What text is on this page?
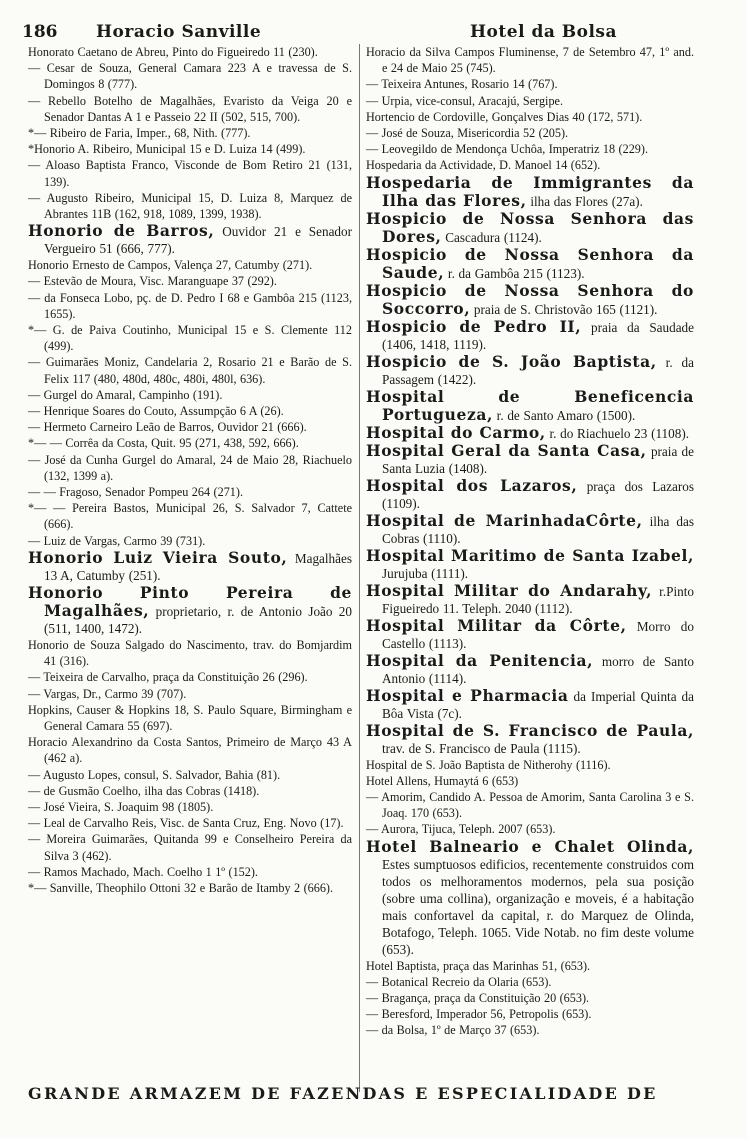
186 Horacio Sanville	Hotel da Bolsa

Honorato Caetano de Abreu, Pinto do Figueiredo 11 (230).

— Cesar de Souza, General Camara 223 A e travessa de S. Domingos 8 (777).

— Rebello Botelho de Magalhães, Evaristo da Veiga 20 e Senador Dantas A 1 e Passeio 22 II (502, 515, 700).

*— Ribeiro de Faria, Imper., 68, Nith. (777).

*Honorio A. Ribeiro, Municipal 15 e D. Luiza 14 (499).

— Aloaso Baptista Franco, Visconde de Bom Retiro 21 (131, 139).

— Augusto Ribeiro, Municipal 15, D. Luiza 8, Marquez de Abrantes 11B (162, 918, 1089, 1399, 1938).

Honorio de Barros, Ouvidor 21 e Senador Vergueiro 51 (666, 777).

Honorio Ernesto de Campos, Valença 27, Catumby (271).

— Estevão de Moura, Visc. Maranguape 37 (292).

— da Fonseca Lobo, pç. de D. Pedro I 68 e Gambôa 215 (1123, 1655).

*— G. de Paiva Coutinho, Municipal 15 e S. Clemente 112 (499).

— Guimarães Moniz, Candelaria 2, Rosario 21 e Barão de S. Felix 117 (480, 480d, 480c, 480i, 480l, 636).

— Gurgel do Amaral, Campinho (191).

— Henrique Soares do Couto, Assumpção 6 A (26).

— Hermeto Carneiro Leão de Barros, Ouvidor 21 (666).

*— — Corrêa da Costa, Quit. 95 (271, 438, 592, 666).

— José da Cunha Gurgel do Amaral, 24 de Maio 28, Riachuelo (132, 1399 a).

— — Fragoso, Senador Pompeu 264 (271).

*— — Pereira Bastos, Municipal 26, S. Salvador 7, Cattete (666).

— Luiz de Vargas, Carmo 39 (731).

Honorio Luiz Vieira Souto, Magalhães 13 A, Catumby (251).

Honorio Pinto Pereira de Magalhães, proprietario, r. de Antonio João 20 (511, 1400, 1472).

Honorio de Souza Salgado do Nascimento, trav. do Bomjardim 41 (316).

— Teixeira de Carvalho, praça da Constituição 26 (296).

— Vargas, Dr., Carmo 39 (707).

Hopkins, Causer & Hopkins 18, S. Paulo Square, Birmingham e General Camara 55 (697).

Horacio Alexandrino da Costa Santos, Primeiro de Março 43 A (462 a).

— Augusto Lopes, consul, S. Salvador, Bahia (81).

— de Gusmão Coelho, ilha das Cobras (1418).

— José Vieira, S. Joaquim 98 (1805).

— Leal de Carvalho Reis, Visc. de Santa Cruz, Eng. Novo (17).

— Moreira Guimarães, Quitanda 99 e Conselheiro Pereira da Silva 3 (462).

— Ramos Machado, Mach. Coelho 1 1º (152).

*— Sanville, Theophilo Ottoni 32 e Barão de Itamby 2 (666).

Horacio da Silva Campos Fluminense, 7 de Setembro 47, 1º and. e 24 de Maio 25 (745).

— Teixeira Antunes, Rosario 14 (767).

— Urpia, vice-consul, Aracajú, Sergipe.

Hortencio de Cordoville, Gonçalves Dias 40 (172, 571).

— José de Souza, Misericordia 52 (205).

— Leovegildo de Mendonça Uchôa, Imperatriz 18 (229).

Hospedaria da Actividade, D. Manoel 14 (652).

Hospedaria de Immigrantes da Ilha das Flores, ilha das Flores (27a).

Hospicio de Nossa Senhora das Dores, Cascadura (1124).

Hospicio de Nossa Senhora da Saude, r. da Gambôa 215 (1123).

Hospicio de Nossa Senhora do Soccorro, praia de S. Christovão 165 (1121).

Hospicio de Pedro II, praia da Saudade (1406, 1418, 1119).

Hospicio de S. João Baptista, r. da Passagem (1422).

Hospital de Beneficencia Portugueza, r. de Santo Amaro (1500).

Hospital do Carmo, r. do Riachuelo 23 (1108).

Hospital Geral da Santa Casa, praia de Santa Luzia (1408).

Hospital dos Lazaros, praça dos Lazaros (1109).

Hospital de MarinhadaCôrte, ilha das Cobras (1110).

Hospital Maritimo de Santa Izabel, Jurujuba (1111).

Hospital Militar do Andarahy, r.Pinto Figueiredo 11. Teleph. 2040 (1112).

Hospital Militar da Côrte, Morro do Castello (1113).

Hospital da Penitencia, morro de Santo Antonio (1114).

Hospital e Pharmacia da Imperial Quinta da Bôa Vista (7c).

Hospital de S. Francisco de Paula, trav. de S. Francisco de Paula (1115).

Hospital de S. João Baptista de Nitherohy (1116).

Hotel Allens, Humaytá 6 (653)

— Amorim, Candido A. Pessoa de Amorim, Santa Carolina 3 e S. Joaq. 170 (653).

— Aurora, Tijuca, Teleph. 2007 (653).

Hotel Balneario e Chalet Olinda, Estes sumptuosos edificios, recentemente construidos com todos os melhoramentos modernos, pela sua posição (sobre uma collina), organização e moveis, é a habitação mais confortavel da capital, r. do Marquez de Olinda, Botafogo, Teleph. 1065. Vide Notab. no fim deste volume (653).

Hotel Baptista, praça das Marinhas 51, (653).

— Botanical Recreio da Olaria (653).

— Bragança, praça da Constituição 20 (653).

— Beresford, Imperador 56, Petropolis (653).

— da Bolsa, 1º de Março 37 (653).

GRANDE ARMAZEM DE FAZENDAS E ESPECIALIDADE DE
